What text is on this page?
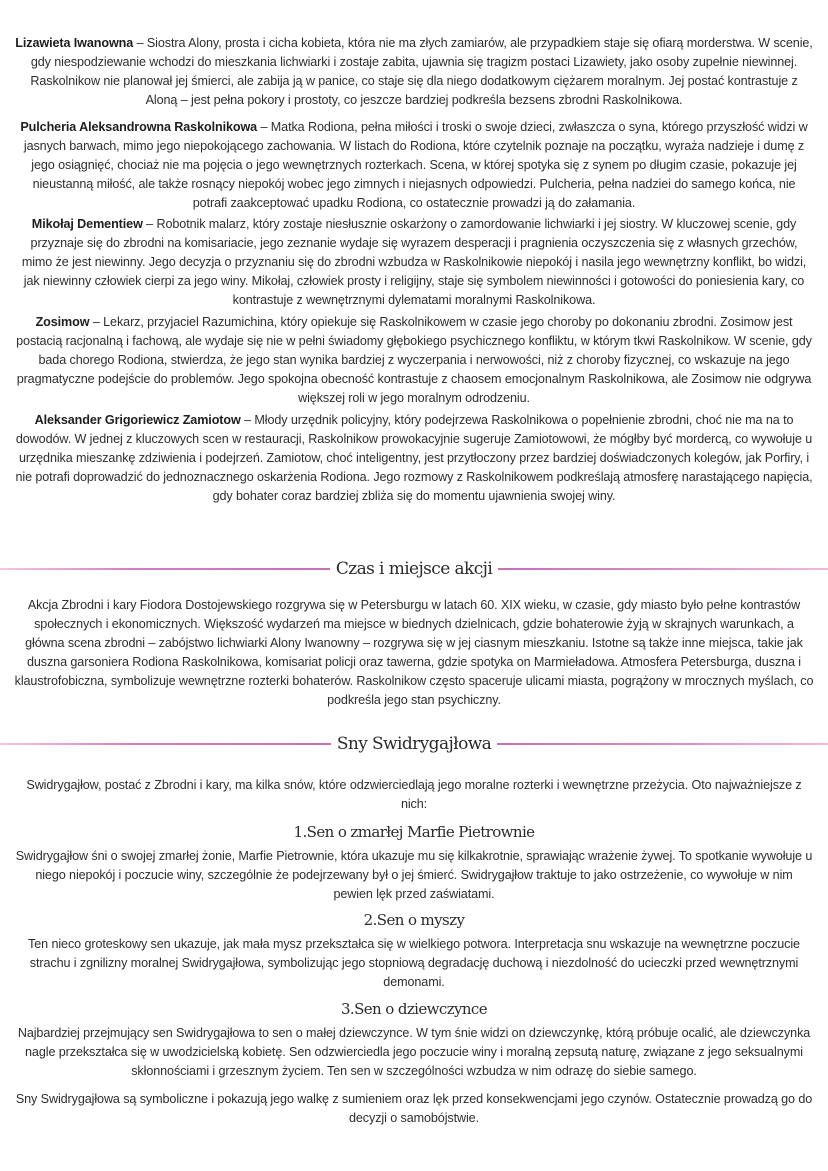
Lizawieta Iwanowna – Siostra Alony, prosta i cicha kobieta, która nie ma złych zamiarów, ale przypadkiem staje się ofiarą morderstwa. W scenie, gdy niespodziewanie wchodzi do mieszkania lichwiarki i zostaje zabita, ujawnia się tragizm postaci Lizawiety, jako osoby zupełnie niewinnej. Raskolnikow nie planował jej śmierci, ale zabija ją w panice, co staje się dla niego dodatkowym ciężarem moralnym. Jej postać kontrastuje z Aloną – jest pełna pokory i prostoty, co jeszcze bardziej podkreśla bezsens zbrodni Raskolnikowa.

Pulcheria Aleksandrowna Raskolnikowa – Matka Rodiona, pełna miłości i troski o swoje dzieci, zwłaszcza o syna, którego przyszłość widzi w jasnych barwach, mimo jego niepokojącego zachowania. W listach do Rodiona, które czytelnik poznaje na początku, wyraża nadzieje i dumę z jego osiągnięć, chociaż nie ma pojęcia o jego wewnętrznych rozterkach. Scena, w której spotyka się z synem po długim czasie, pokazuje jej nieustanną miłość, ale także rosnący niepokój wobec jego zimnych i niejasnych odpowiedzi. Pulcheria, pełna nadziei do samego końca, nie potrafi zaakceptować upadku Rodiona, co ostatecznie prowadzi ją do załamania.

Mikołaj Dementiew – Robotnik malarz, który zostaje niesłusznie oskarżony o zamordowanie lichwiarki i jej siostry. W kluczowej scenie, gdy przyznaje się do zbrodni na komisariacie, jego zeznanie wydaje się wyrazem desperacji i pragnienia oczyszczenia się z własnych grzechów, mimo że jest niewinny. Jego decyzja o przyznaniu się do zbrodni wzbudza w Raskolnikowie niepokój i nasila jego wewnętrzny konflikt, bo widzi, jak niewinny człowiek cierpi za jego winy. Mikołaj, człowiek prosty i religijny, staje się symbolem niewinności i gotowości do poniesienia kary, co kontrastuje z wewnętrznymi dylematami moralnymi Raskolnikowa.

Zosimow – Lekarz, przyjaciel Razumichina, który opiekuje się Raskolnikowem w czasie jego choroby po dokonaniu zbrodni. Zosimow jest postacią racjonalną i fachową, ale wydaje się nie w pełni świadomy głębokiego psychicznego konfliktu, w którym tkwi Raskolnikow. W scenie, gdy bada chorego Rodiona, stwierdza, że jego stan wynika bardziej z wyczerpania i nerwowości, niż z choroby fizycznej, co wskazuje na jego pragmatyczne podejście do problemów. Jego spokojna obecność kontrastuje z chaosem emocjonalnym Raskolnikowa, ale Zosimow nie odgrywa większej roli w jego moralnym odrodzeniu.

Aleksander Grigoriewicz Zamiotow – Młody urzędnik policyjny, który podejrzewa Raskolnikowa o popełnienie zbrodni, choć nie ma na to dowodów. W jednej z kluczowych scen w restauracji, Raskolnikow prowokacyjnie sugeruje Zamiotowowi, że mógłby być mordercą, co wywołuje u urzędnika mieszankę zdziwienia i podejrzeń. Zamiotow, choć inteligentny, jest przytłoczony przez bardziej doświadczonych kolegów, jak Porfiry, i nie potrafi doprowadzić do jednoznacznego oskarżenia Rodiona. Jego rozmowy z Raskolnikowem podkreślają atmosferę narastającego napięcia, gdy bohater coraz bardziej zbliża się do momentu ujawnienia swojej winy.

Czas i miejsce akcji

Akcja Zbrodni i kary Fiodora Dostojewskiego rozgrywa się w Petersburgu w latach 60. XIX wieku, w czasie, gdy miasto było pełne kontrastów społecznych i ekonomicznych. Większość wydarzeń ma miejsce w biednych dzielnicach, gdzie bohaterowie żyją w skrajnych warunkach, a główna scena zbrodni – zabójstwo lichwiarki Alony Iwanowny – rozgrywa się w jej ciasnym mieszkaniu. Istotne są także inne miejsca, takie jak duszna garsoniera Rodiona Raskolnikowa, komisariat policji oraz tawerna, gdzie spotyka on Marmieładowa. Atmosfera Petersburga, duszna i klaustrofobiczna, symbolizuje wewnętrzne rozterki bohaterów. Raskolnikow często spaceruje ulicami miasta, pogrążony w mrocznych myślach, co podkreśla jego stan psychiczny.

Sny Swidrygajłowa

Swidrygajłow, postać z Zbrodni i kary, ma kilka snów, które odzwierciedlają jego moralne rozterki i wewnętrzne przeżycia. Oto najważniejsze z nich:

1.Sen o zmarłej Marfie Pietrownie

Swidrygajłow śni o swojej zmarłej żonie, Marfie Pietrownie, która ukazuje mu się kilkakrotnie, sprawiając wrażenie żywej. To spotkanie wywołuje u niego niepokój i poczucie winy, szczególnie że podejrzewany był o jej śmierć. Swidrygajłow traktuje to jako ostrzeżenie, co wywołuje w nim pewien lęk przed zaświatami.

2.Sen o myszy

Ten nieco groteskowy sen ukazuje, jak mała mysz przekształca się w wielkiego potwora. Interpretacja snu wskazuje na wewnętrzne poczucie strachu i zgnilizny moralnej Swidrygajłowa, symbolizując jego stopniową degradację duchową i niezdolność do ucieczki przed wewnętrznymi demonami.

3.Sen o dziewczynce

Najbardziej przejmujący sen Swidrygajłowa to sen o małej dziewczynce. W tym śnie widzi on dziewczynkę, którą próbuje ocalić, ale dziewczynka nagle przekształca się w uwodzicielską kobietę. Sen odzwierciedla jego poczucie winy i moralną zepsutą naturę, związane z jego seksualnymi skłonnościami i grzesznym życiem. Ten sen w szczególności wzbudza w nim odrazę do siebie samego.

Sny Swidrygajłowa są symboliczne i pokazują jego walkę z sumieniem oraz lęk przed konsekwencjami jego czynów. Ostatecznie prowadzą go do decyzji o samobójstwie.
